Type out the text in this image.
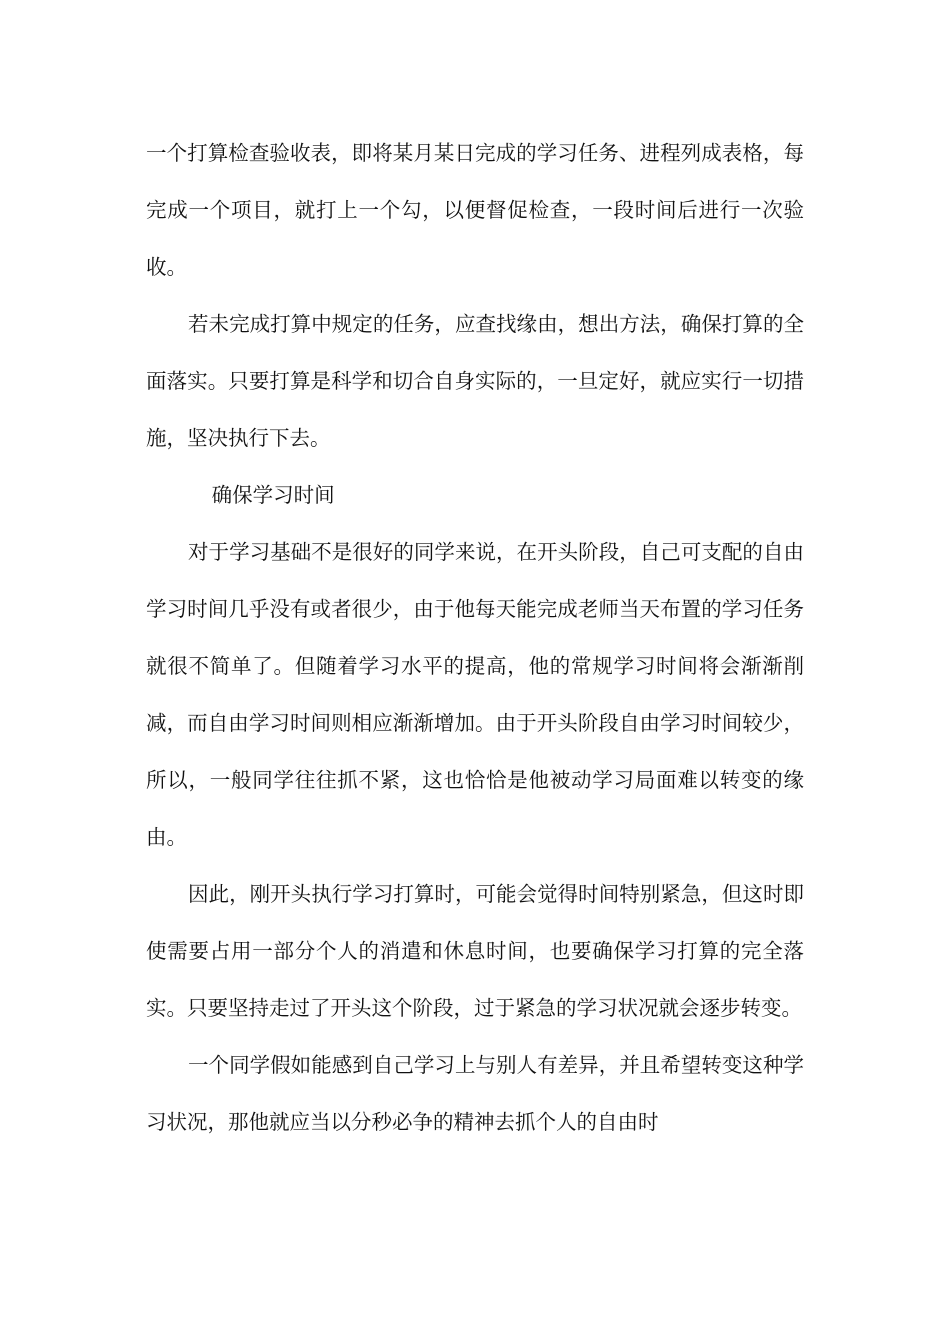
一个打算检查验收表，即将某月某日完成的学习任务、进程列成表格，每完成一个项目，就打上一个勾，以便督促检查，一段时间后进行一次验收。

若未完成打算中规定的任务，应查找缘由，想出方法，确保打算的全面落实。只要打算是科学和切合自身实际的，一旦定好，就应实行一切措施，坚决执行下去。

确保学习时间

对于学习基础不是很好的同学来说，在开头阶段，自己可支配的自由学习时间几乎没有或者很少，由于他每天能完成老师当天布置的学习任务就很不简单了。但随着学习水平的提高，他的常规学习时间将会渐渐削减，而自由学习时间则相应渐渐增加。由于开头阶段自由学习时间较少，所以，一般同学往往抓不紧，这也恰恰是他被动学习局面难以转变的缘由。

因此，刚开头执行学习打算时，可能会觉得时间特别紧急，但这时即使需要占用一部分个人的消遣和休息时间，也要确保学习打算的完全落实。只要坚持走过了开头这个阶段，过于紧急的学习状况就会逐步转变。

一个同学假如能感到自己学习上与别人有差异，并且希望转变这种学习状况，那他就应当以分秒必争的精神去抓个人的自由时
